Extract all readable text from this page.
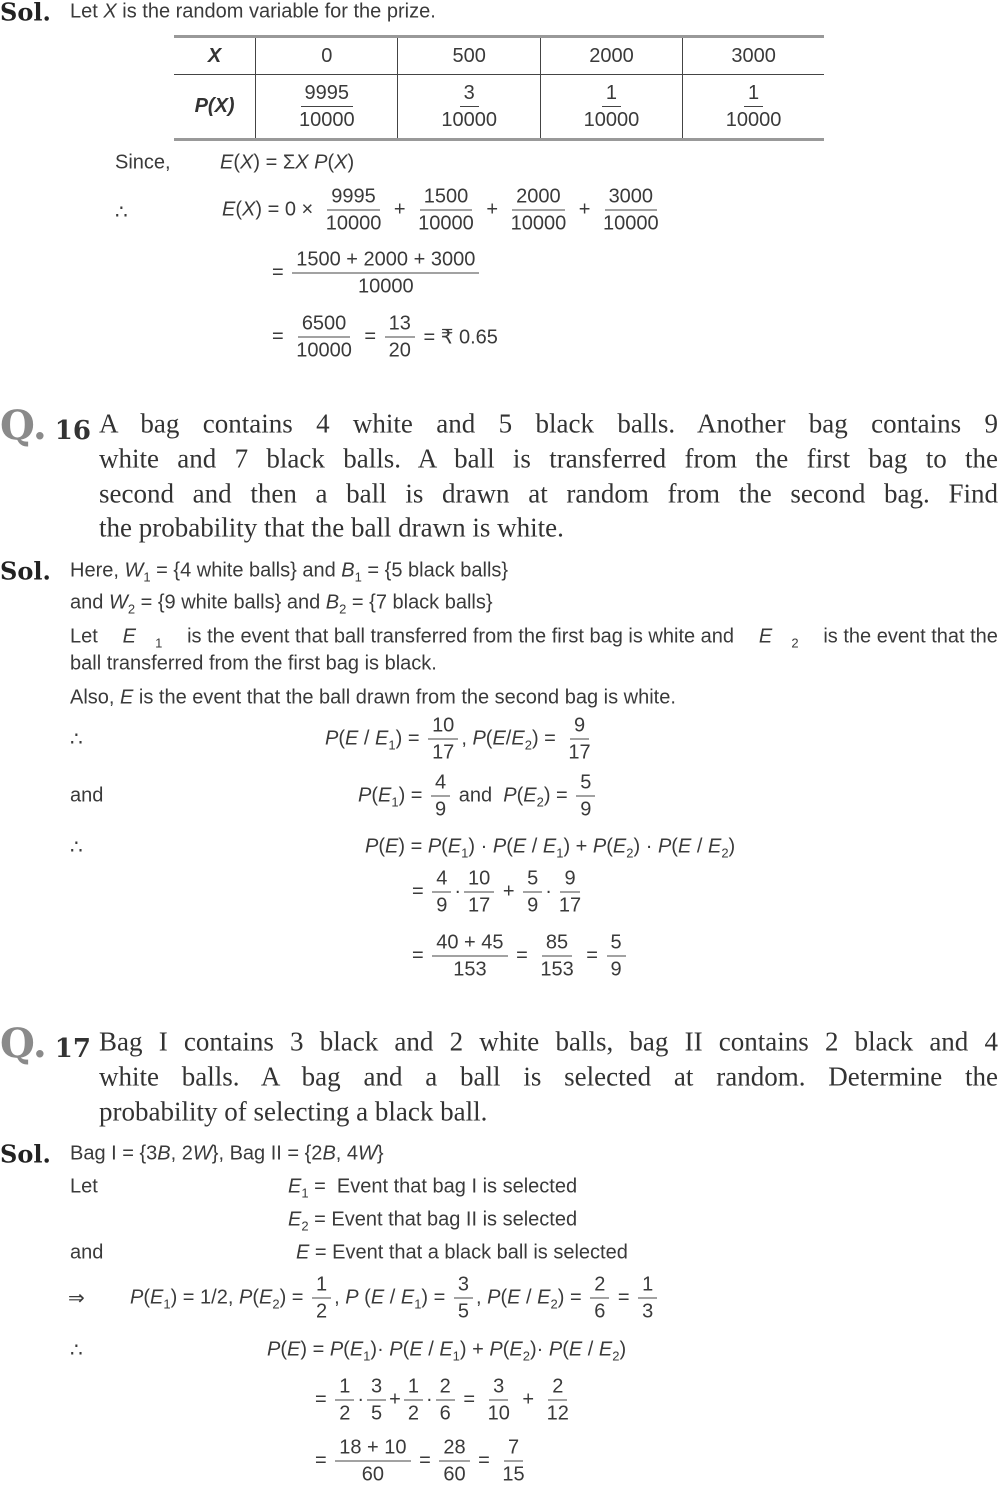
Sol. Let X is the random variable for the prize.
X	0	500	2000	3000
P(X)	$\frac{9995}{10000}$	$\frac{3}{10000}$	$\frac{1}{10000}$	$\frac{1}{10000}$
Since, E ( X ) = Σ X
P ( X )
∴	E ( X ) = $0 \times \frac{9995}{10000} + \frac{1500}{10000} + \frac{2000}{10000} + \frac{3000}{10000}$
= $\frac{1500 + 2000 + 3000}{10000}$
= $\frac{6500}{10000} = \frac{13}{20}$ = ₹ 0.65
Q. 16 A bag contains 4 white and 5 black balls. Another bag contains 9
white and 7 black balls. A ball is transferred from the first bag to the
second and then a ball is drawn at random from the second bag. Find
the probability that the ball drawn is white.
Sol. Here, W 1 = {4 white balls} and B 1 = {5 black balls}
and W 2 = {9 white balls} and B 2 = {7 black balls}
Let E 1 is the event that ball transferred from the first bag is white and E 2 is the event that the
ball transferred from the first bag is black.
Also, E is the event that the ball drawn from the second bag is white.
∴	P ( E / E 1 ) = $\frac{10}{17}$ , P ( E / E 2 ) = $\frac{9}{17}$
and	P ( E 1 ) = $\frac{4}{9}$ and P ( E 2 ) = $\frac{5}{9}$
∴	P ( E ) = P ( E 1 ) · P ( E / E 1 ) + P ( E 2 ) · P ( E / E 2 )
= $\frac{4}{9} \cdot \frac{10}{17} + \frac{5}{9} \cdot \frac{9}{17}$
= $\frac{40 + 45}{153} = \frac{85}{153} = \frac{5}{9}$
Q. 17 Bag I contains 3 black and 2 white balls, bag II contains 2 black and 4
white balls. A bag and a ball is selected at random. Determine the
probability of selecting a black ball.
Sol. Bag I = {3 B , 2 W }, Bag II = {2 B , 4 W }
Let	E 1 =  Event that bag I is selected
E 2 = Event that bag II is selected
and	E = Event that a black ball is selected
⇒ P ( E 1 ) = 1/2, P ( E 2 ) = $\frac{1}{2}$ , P ( E / E 1 ) = $\frac{3}{5}$ , P ( E / E 2 ) = $\frac{2}{6} = \frac{1}{3}$
∴	P ( E ) = P ( E 1 )· P ( E / E 1 ) + P ( E 2 )· P ( E / E 2 )
= $\frac{1}{2} \cdot \frac{3}{5} + \frac{1}{2} \cdot \frac{2}{6} = \frac{3}{10} + \frac{2}{12}$
= $\frac{18 + 10}{60} = \frac{28}{60} = \frac{7}{15}$
